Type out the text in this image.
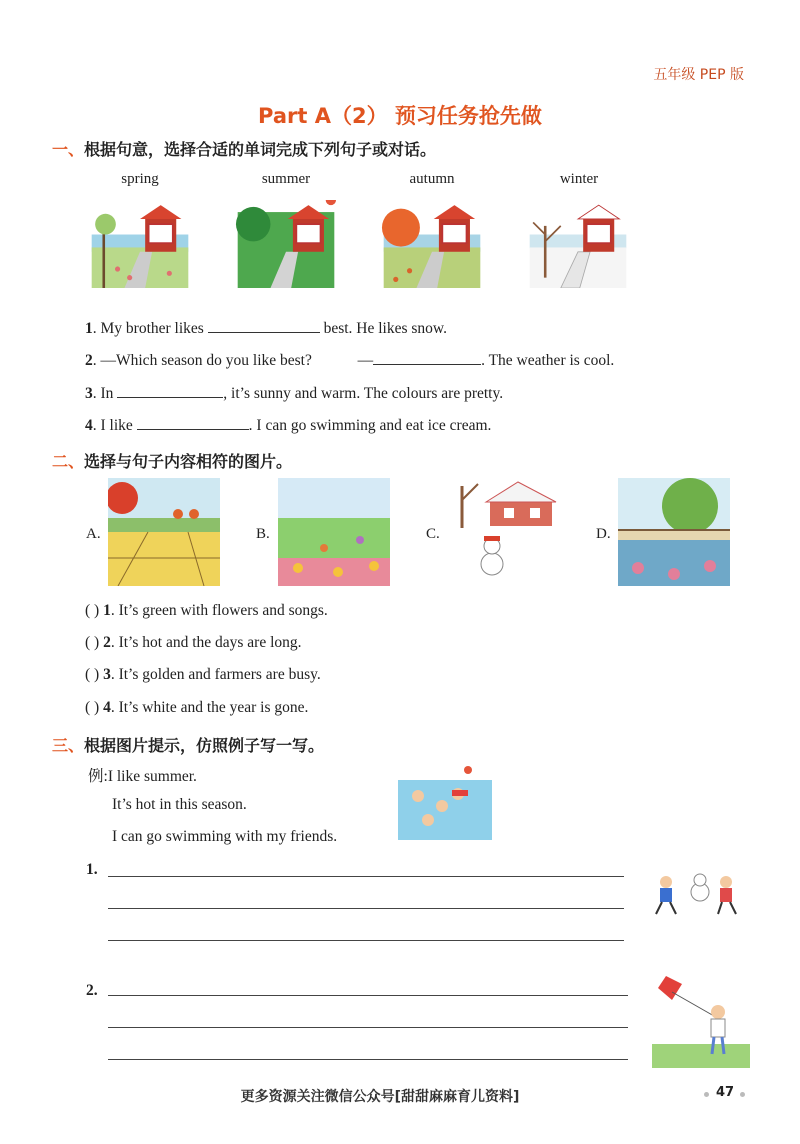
五年级 PEP 版
Part A（2） 预习任务抢先做
一、根据句意，选择合适的单词完成下列句子或对话。
spring	summer	autumn	winter
1. My brother likes	best. He likes snow.
2. —Which season do you like best?	—	. The weather is cool.
3. In	, it’s sunny and warm. The colours are pretty.
4. I like	. I can go swimming and eat ice cream.
二、选择与句子内容相符的图片。
A.	B.	C.	D.
( ) 1. It’s green with flowers and songs.
( ) 2. It’s hot and the days are long.
( ) 3. It’s golden and farmers are busy.
( ) 4. It’s white and the year is gone.
三、根据图片提示，仿照例子写一写。
例:I like summer.
It’s hot in this season.
I can go swimming with my friends.
1.
2.
更多资源关注微信公众号[甜甜麻麻育儿资料]	47
